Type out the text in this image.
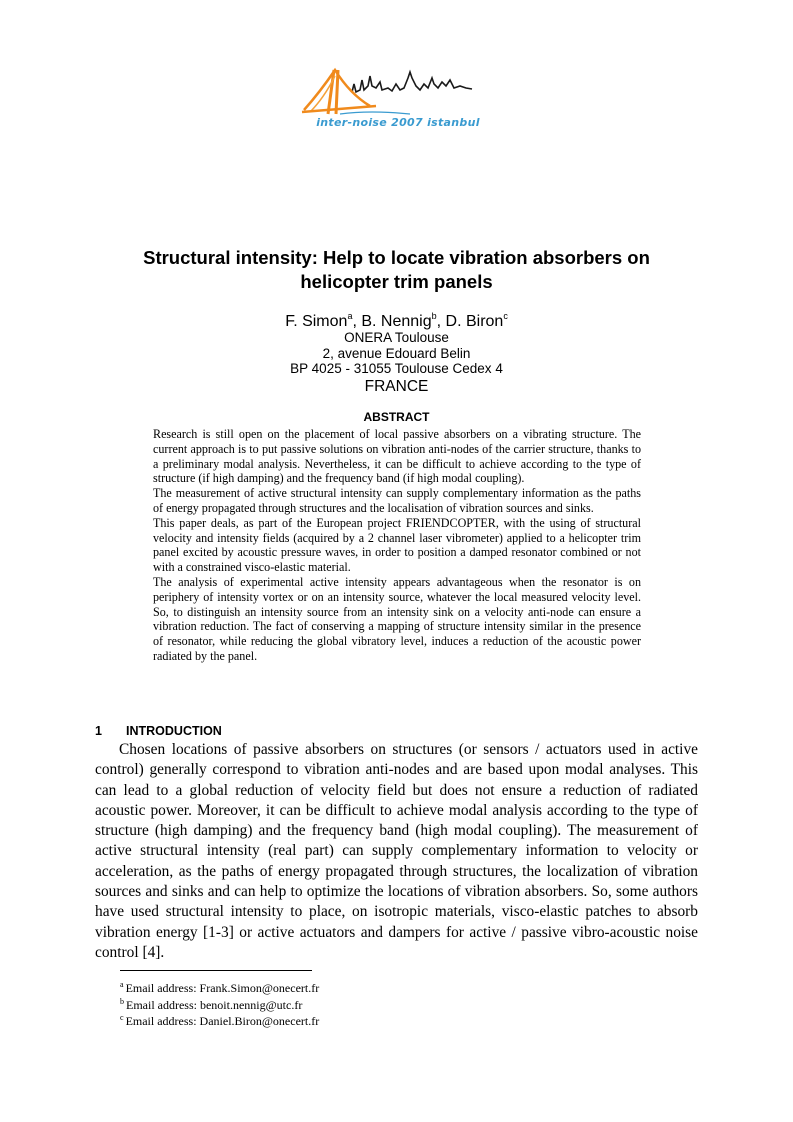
inter-noise 2007 istanbul
Structural intensity: Help to locate vibration absorbers on
helicopter trim panels
F. Simon$^a$, B. Nennig$^b$, D. Biron$^c$
ONERA Toulouse
2, avenue Edouard Belin
BP 4025 - 31055 Toulouse Cedex 4
FRANCE
ABSTRACT

Research is still open on the placement of local passive absorbers on a vibrating structure. The current approach is to put passive solutions on vibration anti-nodes of the carrier structure, thanks to a preliminary modal analysis. Nevertheless, it can be difficult to achieve according to the type of structure (if high damping) and the frequency band (if high modal coupling).

The measurement of active structural intensity can supply complementary information as the paths of energy propagated through structures and the localisation of vibration sources and sinks.

This paper deals, as part of the European project FRIENDCOPTER, with the using of structural velocity and intensity fields (acquired by a 2 channel laser vibrometer) applied to a helicopter trim panel excited by acoustic pressure waves, in order to position a damped resonator combined or not with a constrained visco-elastic material.

The analysis of experimental active intensity appears advantageous when the resonator is on periphery of intensity vortex or on an intensity source, whatever the local measured velocity level. So, to distinguish an intensity source from an intensity sink on a velocity anti-node can ensure a vibration reduction. The fact of conserving a mapping of structure intensity similar in the presence of resonator, while reducing the global vibratory level, induces a reduction of the acoustic power radiated by the panel.

1 INTRODUCTION

Chosen locations of passive absorbers on structures (or sensors / actuators used in active control) generally correspond to vibration anti-nodes and are based upon modal analyses. This can lead to a global reduction of velocity field but does not ensure a reduction of radiated acoustic power. Moreover, it can be difficult to achieve modal analysis according to the type of structure (high damping) and the frequency band (high modal coupling). The measurement of active structural intensity (real part) can supply complementary information to velocity or acceleration, as the paths of energy propagated through structures, the localization of vibration sources and sinks and can help to optimize the locations of vibration absorbers. So, some authors have used structural intensity to place, on isotropic materials, visco-elastic patches to absorb vibration energy [1-3] or active actuators and dampers for active / passive vibro-acoustic noise control [4].

$^a$ Email address: Frank.Simon@onecert.fr
$^b$ Email address: benoit.nennig@utc.fr
$^c$ Email address: Daniel.Biron@onecert.fr
